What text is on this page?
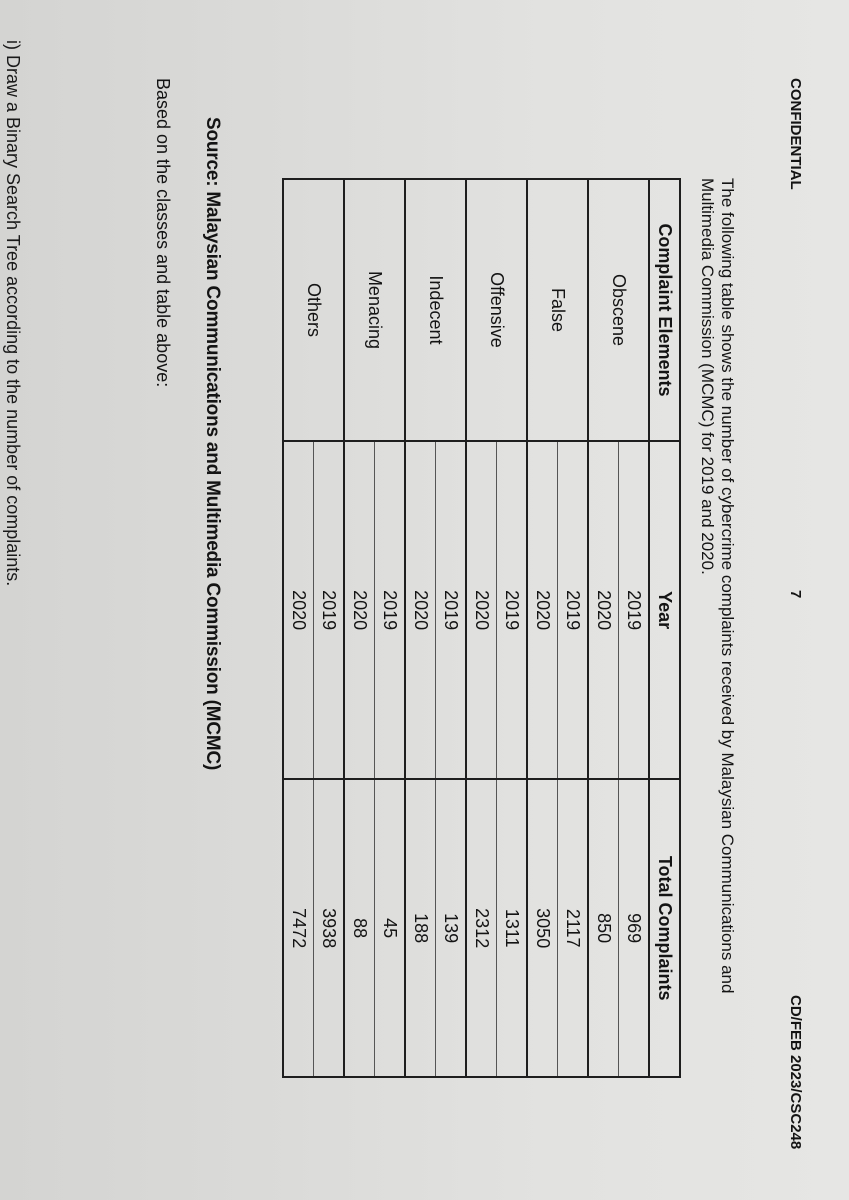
CONFIDENTIAL
7
CD/FEB 2023/CSC248
The following table shows the number of cybercrime complaints received by Malaysian Communications and Multimedia Commission (MCMC) for 2019 and 2020.
Complaint Elements	Year	Total Complaints
Obscene	2019	969
	2020	850
False	2019	2117
	2020	3050
Offensive	2019	1311
	2020	2312
Indecent	2019	139
	2020	188
Menacing	2019	45
	2020	88
Others	2019	3938
	2020	7472
Source: Malaysian Communications and Multimedia Commission (MCMC)
Based on the classes and table above:
i) Draw a Binary Search Tree according to the number of complaints.
